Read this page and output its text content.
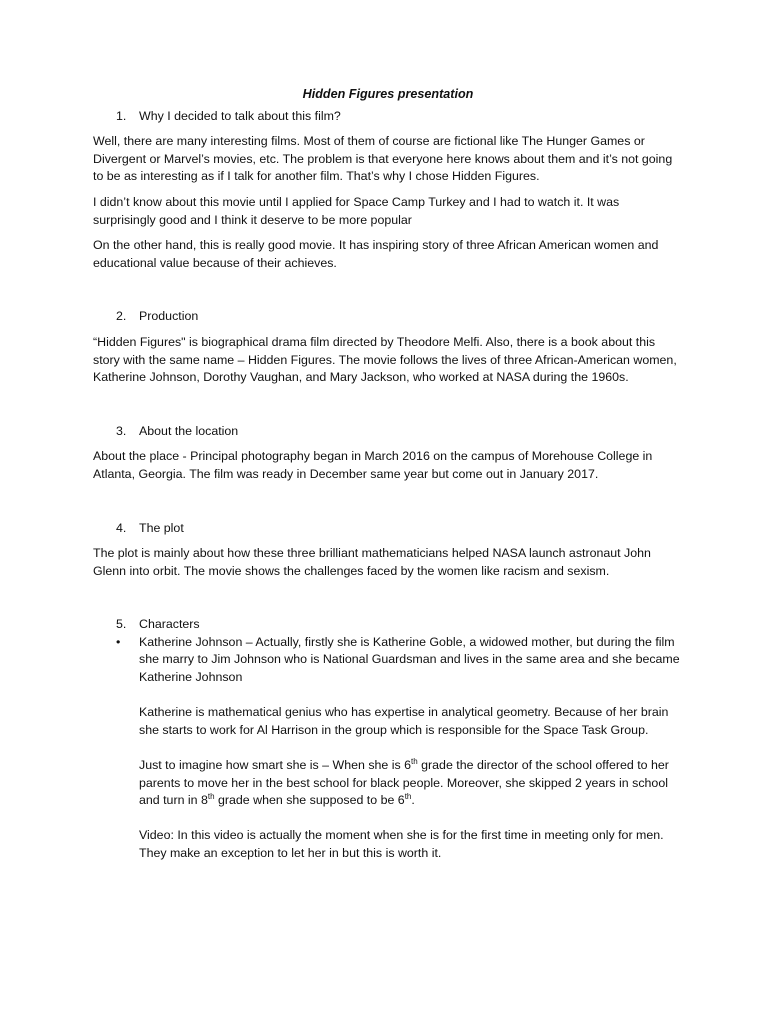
Hidden Figures presentation

1. Why I decided to talk about this film?

Well, there are many interesting films. Most of them of course are fictional like The Hunger Games or Divergent or Marvel’s movies, etc. The problem is that everyone here knows about them and it’s not going to be as interesting as if I talk for another film. That’s why I chose Hidden Figures.

I didn’t know about this movie until I applied for Space Camp Turkey and I had to watch it. It was surprisingly good and I think it deserve to be more popular

On the other hand, this is really good movie. It has inspiring story of three African American women and educational value because of their achieves.

2. Production

“Hidden Figures" is biographical drama film directed by Theodore Melfi. Also, there is a book about this story with the same name – Hidden Figures. The movie follows the lives of three African-American women, Katherine Johnson, Dorothy Vaughan, and Mary Jackson, who worked at NASA during the 1960s.

3. About the location

About the place - Principal photography began in March 2016 on the campus of Morehouse College in Atlanta, Georgia. The film was ready in December same year but come out in January 2017.

4. The plot

The plot is mainly about how these three brilliant mathematicians helped NASA launch astronaut John Glenn into orbit. The movie shows the challenges faced by the women like racism and sexism.

5. Characters
• Katherine Johnson – Actually, firstly she is Katherine Goble, a widowed mother, but during the film she marry to Jim Johnson who is National Guardsman and lives in the same area and she became Katherine Johnson

Katherine is mathematical genius who has expertise in analytical geometry. Because of her brain she starts to work for Al Harrison in the group which is responsible for the Space Task Group.

Just to imagine how smart she is – When she is 6th grade the director of the school offered to her parents to move her in the best school for black people. Moreover, she skipped 2 years in school and turn in 8th grade when she supposed to be 6th.

Video: In this video is actually the moment when she is for the first time in meeting only for men. They make an exception to let her in but this is worth it.
